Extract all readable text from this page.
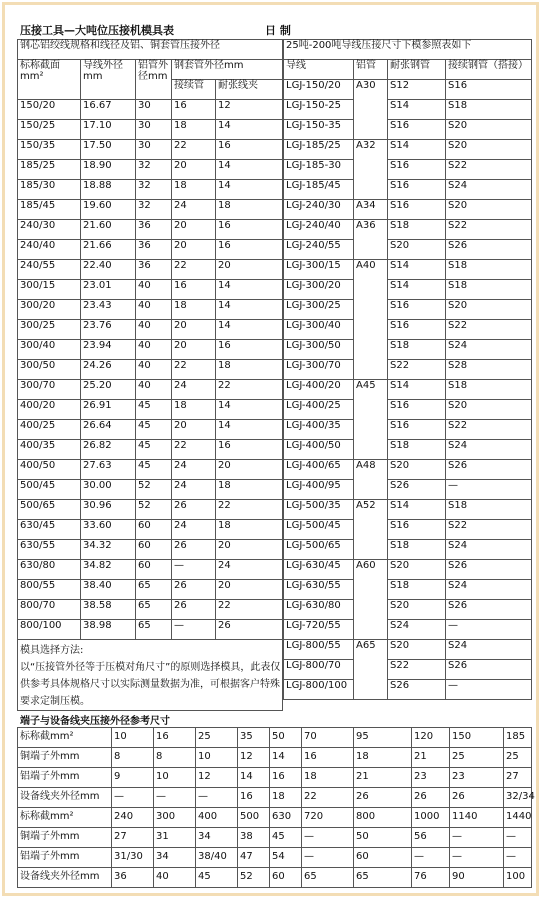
压接工具—大吨位压接机模具表	日 制
钢芯铝绞线规格和线径及铝、铜套管压接外径				
标称截面mm²	导线外径mm	铝管外径mm	钢套管外径mm	
			接续管	耐张线夹
150/20	16.67	30	16	12
150/25	17.10	30	18	14
150/35	17.50	30	22	16
185/25	18.90	32	20	14
185/30	18.88	32	18	14
185/45	19.60	32	24	18
240/30	21.60	36	20	16
240/40	21.66	36	20	16
240/55	22.40	36	22	20
300/15	23.01	40	16	14
300/20	23.43	40	18	14
300/25	23.76	40	20	14
300/40	23.94	40	20	16
300/50	24.26	40	22	18
300/70	25.20	40	24	22
400/20	26.91	45	18	14
400/25	26.64	45	20	14
400/35	26.82	45	22	16
400/50	27.63	45	24	20
500/45	30.00	52	24	18
500/65	30.96	52	26	22
630/45	33.60	60	24	18
630/55	34.32	60	26	20
630/80	34.82	60	—	24
800/55	38.40	65	26	20
800/70	38.58	65	26	22
800/100	38.98	65	—	26

模具选择方法:
以“压接管外径等于压模对角尺寸”的原则选择模具，此表仅供参考具体规格尺寸以实际测量数据为准，可根据客户特殊要求定制压模。				

25吨-200吨导线压接尺寸下模参照表如下			
导线	铝管	耐张钢管	接续钢管（搭接）

LGJ-150/20	A30	S12	S16
LGJ-150-25		S14	S18
LGJ-150-35		S16	S20
LGJ-185/25	A32	S14	S20
LGJ-185-30		S16	S22
LGJ-185/45		S16	S24
LGJ-240/30	A34	S16	S20
LGJ-240/40	A36	S18	S22
LGJ-240/55		S20	S26
LGJ-300/15	A40	S14	S18
LGJ-300/20		S14	S18
LGJ-300/25		S16	S20
LGJ-300/40		S16	S22
LGJ-300/50		S18	S24
LGJ-300/70		S22	S28
LGJ-400/20	A45	S14	S18
LGJ-400/25		S16	S20
LGJ-400/35		S16	S22
LGJ-400/50		S18	S24
LGJ-400/65	A48	S20	S26
LGJ-400/95		S26	—
LGJ-500/35	A52	S14	S18
LGJ-500/45		S16	S22
LGJ-500/65		S18	S24
LGJ-630/45	A60	S20	S26
LGJ-630/55		S18	S24
LGJ-630/80		S20	S26
LGJ-720/55		S24	—
LGJ-800/55	A65	S20	S24
LGJ-800/70		S22	S26
LGJ-800/100		S26	—
端子与设备线夹压接外径参考尺寸
标称截mm²	10	16	25	35	50	70	95	120	150	185
铜端子外mm	8	8	10	12	14	16	18	21	25	25
铝端子外mm	9	10	12	14	16	18	21	23	23	27
设备线夹外径mm	—	—	—	16	18	22	26	26	26	32/34
标称截mm²	240	300	400	500	630	720	800	1000	1140	1440
铜端子外mm	27	31	34	38	45	—	50	56	—	—
铝端子外mm	31/30	34	38/40	47	54	—	60	—	—	—
设备线夹外径mm	36	40	45	52	60	65	65	76	90	100
